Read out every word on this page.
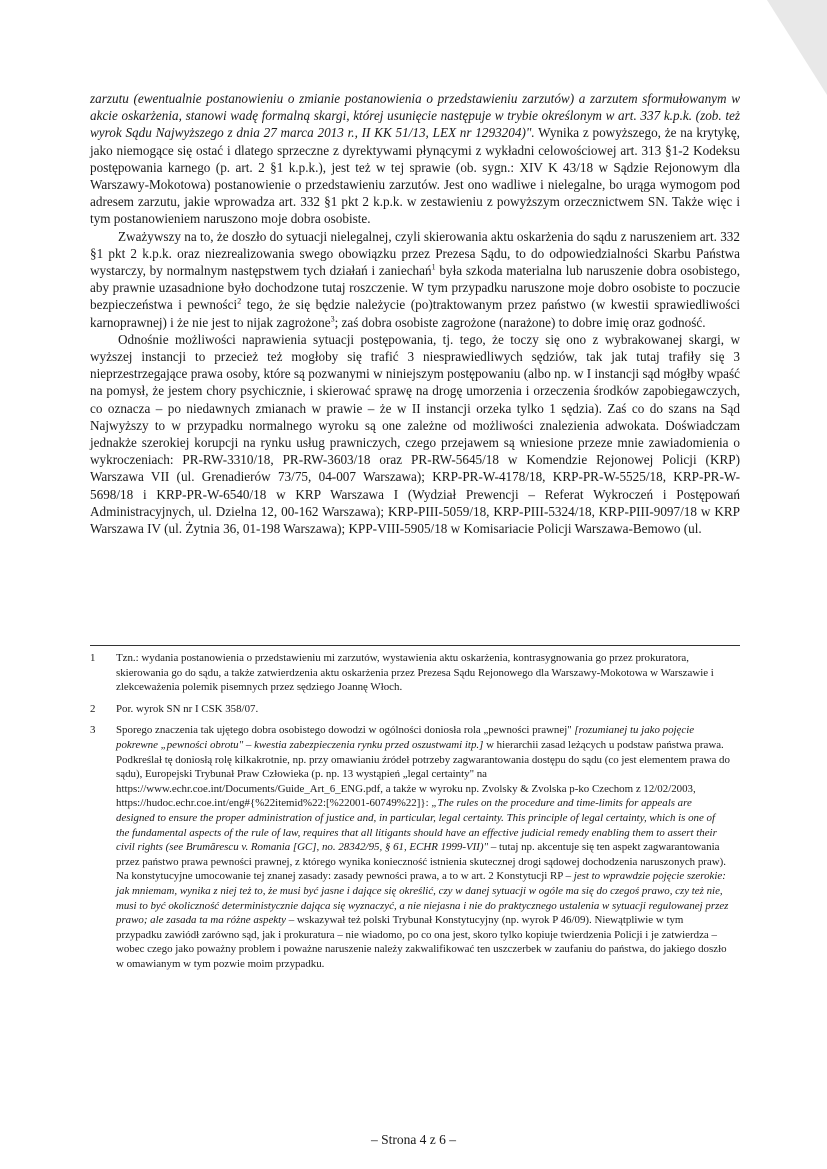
zarzutu (ewentualnie postanowieniu o zmianie postanowienia o przedstawieniu zarzutów) a zarzutem sformułowanym w akcie oskarżenia, stanowi wadę formalną skargi, której usunięcie następuje w trybie określonym w art. 337 k.p.k. (zob. też wyrok Sądu Najwyższego z dnia 27 marca 2013 r., II KK 51/13, LEX nr 1293204)". Wynika z powyższego, że na krytykę, jako niemogące się ostać i dlatego sprzeczne z dyrektywami płynącymi z wykładni celowościowej art. 313 §1-2 Kodeksu postępowania karnego (p. art. 2 §1 k.p.k.), jest też w tej sprawie (ob. sygn.: XIV K 43/18 w Sądzie Rejonowym dla Warszawy-Mokotowa) postanowienie o przedstawieniu zarzutów. Jest ono wadliwe i nielegalne, bo urąga wymogom pod adresem zarzutu, jakie wprowadza art. 332 §1 pkt 2 k.p.k. w zestawieniu z powyższym orzecznictwem SN. Także więc i tym postanowieniem naruszono moje dobra osobiste.

Zważywszy na to, że doszło do sytuacji nielegalnej, czyli skierowania aktu oskarżenia do sądu z naruszeniem art. 332 §1 pkt 2 k.p.k. oraz niezrealizowania swego obowiązku przez Prezesa Sądu, to do odpowiedzialności Skarbu Państwa wystarczy, by normalnym następstwem tych działań i zaniechań$^1$ była szkoda materialna lub naruszenie dobra osobistego, aby prawnie uzasadnione było dochodzone tutaj roszczenie. W tym przypadku naruszone moje dobro osobiste to poczucie bezpieczeństwa i pewności$^2$ tego, że się będzie należycie (po)traktowanym przez państwo (w kwestii sprawiedliwości karnoprawnej) i że nie jest to nijak zagrożone$^3$; zaś dobra osobiste zagrożone (narażone) to dobre imię oraz godność.

Odnośnie możliwości naprawienia sytuacji postępowania, tj. tego, że toczy się ono z wybrakowanej skargi, w wyższej instancji to przecież też mogłoby się trafić 3 niesprawiedliwych sędziów, tak jak tutaj trafiły się 3 nieprzestrzegające prawa osoby, które są pozwanymi w niniejszym postępowaniu (albo np. w I instancji sąd mógłby wpaść na pomysł, że jestem chory psychicznie, i skierować sprawę na drogę umorzenia i orzeczenia środków zapobiegawczych, co oznacza – po niedawnych zmianach w prawie – że w II instancji orzeka tylko 1 sędzia). Zaś co do szans na Sąd Najwyższy to w przypadku normalnego wyroku są one zależne od możliwości znalezienia adwokata. Doświadczam jednakże szerokiej korupcji na rynku usług prawniczych, czego przejawem są wniesione przeze mnie zawiadomienia o wykroczeniach: PR-RW-3310/18, PR-RW-3603/18 oraz PR-RW-5645/18 w Komendzie Rejonowej Policji (KRP) Warszawa VII (ul. Grenadierów 73/75, 04-007 Warszawa); KRP-PR-W-4178/18, KRP-PR-W-5525/18, KRP-PR-W-5698/18 i KRP-PR-W-6540/18 w KRP Warszawa I (Wydział Prewencji – Referat Wykroczeń i Postępowań Administracyjnych, ul. Dzielna 12, 00-162 Warszawa); KRP-PIII-5059/18, KRP-PIII-5324/18, KRP-PIII-9097/18 w KRP Warszawa IV (ul. Żytnia 36, 01-198 Warszawa); KPP-VIII-5905/18 w Komisariacie Policji Warszawa-Bemowo (ul.

1	Tzn.: wydania postanowienia o przedstawieniu mi zarzutów, wystawienia aktu oskarżenia, kontrasygnowania go przez prokuratora, skierowania go do sądu, a także zatwierdzenia aktu oskarżenia przez Prezesa Sądu Rejonowego dla Warszawy-Mokotowa w Warszawie i zlekceważenia polemik pisemnych przez sędziego Joannę Włoch.
2	Por. wyrok SN nr I CSK 358/07.
3	Sporego znaczenia tak ujętego dobra osobistego dowodzi w ogólności doniosła rola „pewności prawnej" [rozumianej tu jako pojęcie pokrewne „pewności obrotu" – kwestia zabezpieczenia rynku przed oszustwami itp.] w hierarchii zasad leżących u podstaw państwa prawa. Podkreślał tę doniosłą rolę kilkakrotnie, np. przy omawianiu źródeł potrzeby zagwarantowania dostępu do sądu (co jest elementem prawa do sądu), Europejski Trybunał Praw Człowieka (p. np. 13 wystąpień „legal certainty" na https://www.echr.coe.int/Documents/Guide_Art_6_ENG.pdf, a także w wyroku np. Zvolsky & Zvolska p-ko Czechom z 12/02/2003, https://hudoc.echr.coe.int/eng#{%22itemid%22:[%22001-60749%22]}: „The rules on the procedure and time-limits for appeals are designed to ensure the proper administration of justice and, in particular, legal certainty. This principle of legal certainty, which is one of the fundamental aspects of the rule of law, requires that all litigants should have an effective judicial remedy enabling them to assert their civil rights (see Brumărescu v. Romania [GC], no. 28342/95, § 61, ECHR 1999-VII)" – tutaj np. akcentuje się ten aspekt zagwarantowania przez państwo prawa pewności prawnej, z którego wynika konieczność istnienia skutecznej drogi sądowej dochodzenia naruszonych praw). Na konstytucyjne umocowanie tej znanej zasady: zasady pewności prawa, a to w art. 2 Konstytucji RP – jest to wprawdzie pojęcie szerokie: jak mniemam, wynika z niej też to, że musi być jasne i dające się określić, czy w danej sytuacji w ogóle ma się do czegoś prawo, czy też nie, musi to być okoliczność deterministycznie dająca się wyznaczyć, a nie niejasna i nie do praktycznego ustalenia w sytuacji regulowanej przez prawo; ale zasada ta ma różne aspekty – wskazywał też polski Trybunał Konstytucyjny (np. wyrok P 46/09). Niewątpliwie w tym przypadku zawiódł zarówno sąd, jak i prokuratura – nie wiadomo, po co ona jest, skoro tylko kopiuje twierdzenia Policji i je zatwierdza – wobec czego jako poważny problem i poważne naruszenie należy zakwalifikować ten uszczerbek w zaufaniu do państwa, do jakiego doszło w omawianym w tym pozwie moim przypadku.
– Strona 4 z 6 –
